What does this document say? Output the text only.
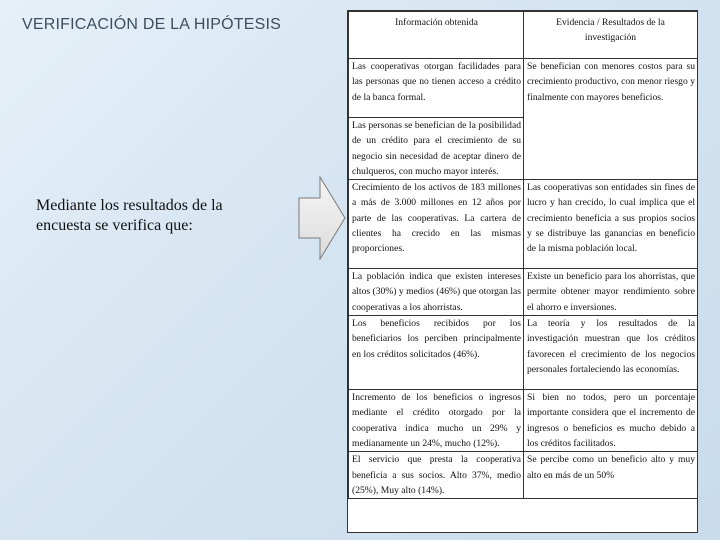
VERIFICACIÓN DE LA HIPÓTESIS
Mediante los resultados de la encuesta se verifica que:
Información obtenida	Evidencia / Resultados de la investigación
Las cooperativas otorgan facilidades para las personas que no tienen acceso a crédito de la banca formal.	Se benefician con menores costos para su crecimiento productivo, con menor riesgo y finalmente con mayores beneficios.
Las personas se benefician de la posibilidad de un crédito para el crecimiento de su negocio sin necesidad de aceptar dinero de chulqueros, con mucho mayor interés.	
Crecimiento de los activos de 183 millones a más de 3.000 millones en 12 años por parte de las cooperativas. La cartera de clientes ha crecido en las mismas proporciones.	Las cooperativas son entidades sin fines de lucro y han crecido, lo cual implica que el crecimiento beneficia a sus propios socios y se distribuye las ganancias en beneficio de la misma población local.
La población indica que existen intereses altos (30%) y medios (46%) que otorgan las cooperativas a los ahorristas.	Existe un beneficio para los ahorristas, que permite obtener mayor rendimiento sobre el ahorro e inversiones.
Los beneficios recibidos por los beneficiarios los perciben principalmente en los créditos solicitados (46%).	La teoría y los resultados de la investigación muestran que los créditos favorecen el crecimiento de los negocios personales fortaleciendo las economías.
Incremento de los beneficios o ingresos mediante el crédito otorgado por la cooperativa indica mucho un 29% y medianamente un 24%, mucho (12%).	Si bien no todos, pero un porcentaje importante considera que el incremento de ingresos o beneficios es mucho debido a los créditos facilitados.
El servicio que presta la cooperativa beneficia a sus socios. Alto 37%, medio (25%), Muy alto (14%).	Se percibe como un beneficio alto y muy alto en más de un 50%
